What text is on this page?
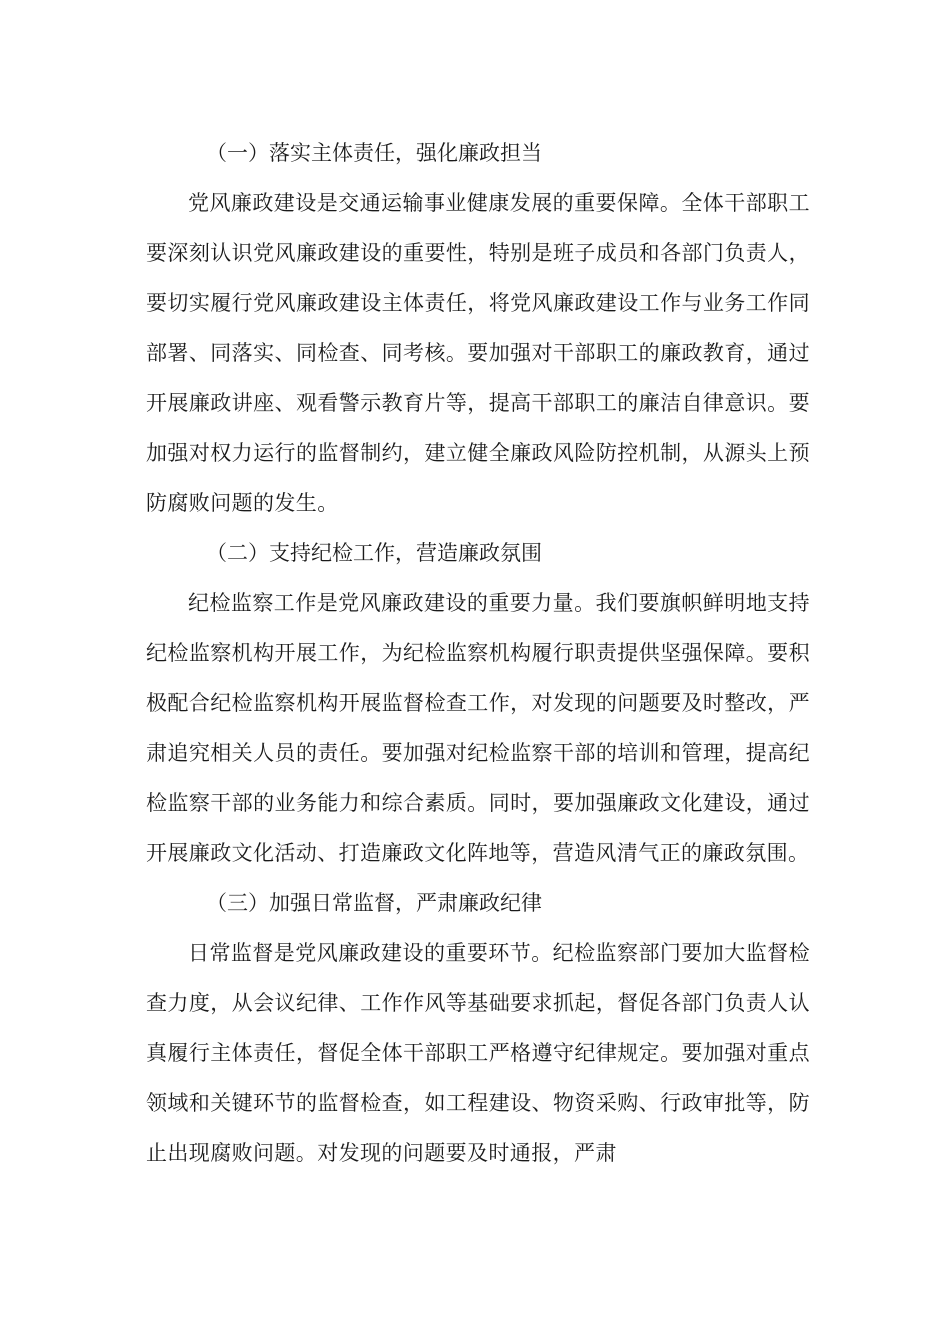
（一）落实主体责任，强化廉政担当

党风廉政建设是交通运输事业健康发展的重要保障。全体干部职工要深刻认识党风廉政建设的重要性，特别是班子成员和各部门负责人，要切实履行党风廉政建设主体责任，将党风廉政建设工作与业务工作同部署、同落实、同检查、同考核。要加强对干部职工的廉政教育，通过开展廉政讲座、观看警示教育片等，提高干部职工的廉洁自律意识。要加强对权力运行的监督制约，建立健全廉政风险防控机制，从源头上预防腐败问题的发生。

（二）支持纪检工作，营造廉政氛围

纪检监察工作是党风廉政建设的重要力量。我们要旗帜鲜明地支持纪检监察机构开展工作，为纪检监察机构履行职责提供坚强保障。要积极配合纪检监察机构开展监督检查工作，对发现的问题要及时整改，严肃追究相关人员的责任。要加强对纪检监察干部的培训和管理，提高纪检监察干部的业务能力和综合素质。同时，要加强廉政文化建设，通过开展廉政文化活动、打造廉政文化阵地等，营造风清气正的廉政氛围。

（三）加强日常监督，严肃廉政纪律

日常监督是党风廉政建设的重要环节。纪检监察部门要加大监督检查力度，从会议纪律、工作作风等基础要求抓起，督促各部门负责人认真履行主体责任，督促全体干部职工严格遵守纪律规定。要加强对重点领域和关键环节的监督检查，如工程建设、物资采购、行政审批等，防止出现腐败问题。对发现的问题要及时通报，严肃
